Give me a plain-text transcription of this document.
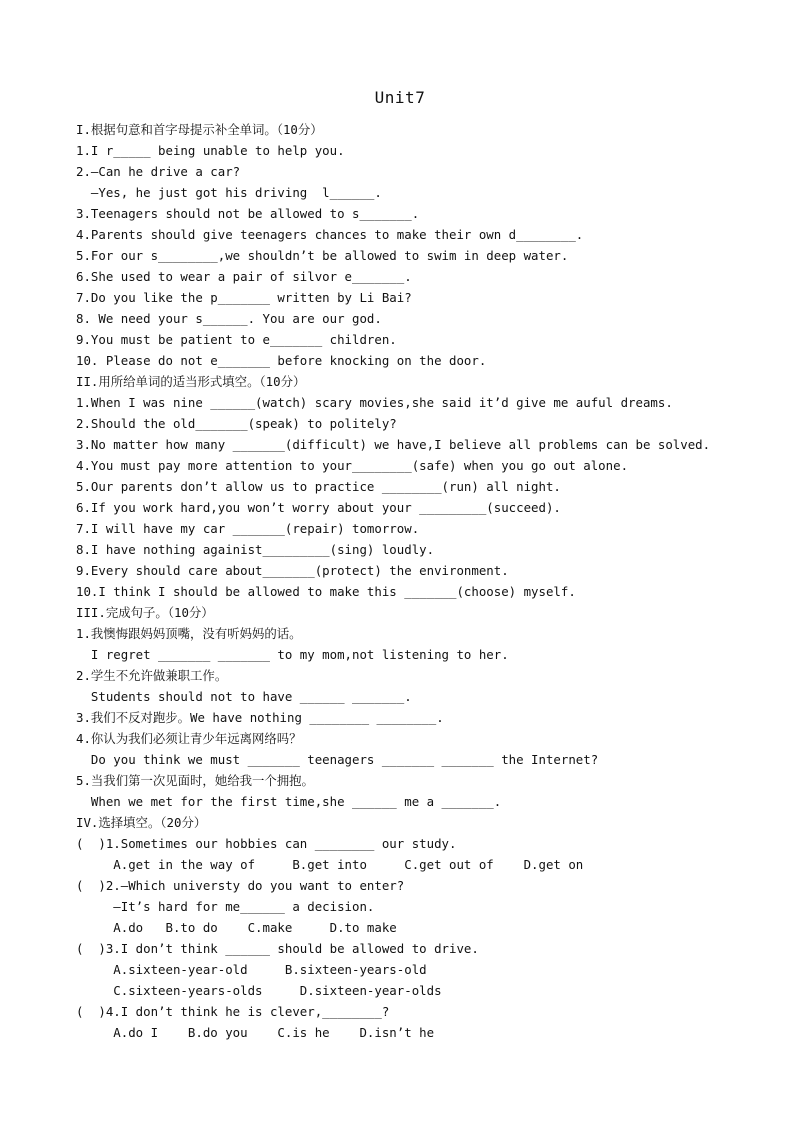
Unit7
I.根据句意和首字母提示补全单词。（10分）
1.I r_____ being unable to help you.
2.—Can he drive a car?
—Yes, he just got his driving  l______.
3.Teenagers should not be allowed to s_______.
4.Parents should give teenagers chances to make their own d________.
5.For our s________,we shouldn’t be allowed to swim in deep water.
6.She used to wear a pair of silvor e_______.
7.Do you like the p_______ written by Li Bai?
8. We need your s______. You are our god.
9.You must be patient to e_______ children.
10. Please do not e_______ before knocking on the door.
II.用所给单词的适当形式填空。（10分）
1.When I was nine ______(watch) scary movies,she said it’d give me auful dreams.
2.Should the old_______(speak) to politely?
3.No matter how many _______(difficult) we have,I believe all problems can be solved.
4.You must pay more attention to your________(safe) when you go out alone.
5.Our parents don’t allow us to practice ________(run) all night.
6.If you work hard,you won’t worry about your _________(succeed).
7.I will have my car _______(repair) tomorrow.
8.I have nothing againist_________(sing) loudly.
9.Every should care about_______(protect) the environment.
10.I think I should be allowed to make this _______(choose) myself.
III.完成句子。（10分）
1.我懊悔跟妈妈顶嘴，没有听妈妈的话。
I regret _______ _______ to my mom,not listening to her.
2.学生不允许做兼职工作。
Students should not to have ______ _______.
3.我们不反对跑步。We have nothing ________ ________.
4.你认为我们必须让青少年远离网络吗？
Do you think we must _______ teenagers _______ _______ the Internet?
5.当我们第一次见面时，她给我一个拥抱。
When we met for the first time,she ______ me a _______.
IV.选择填空。（20分）
(  )1.Sometimes our hobbies can ________ our study.
A.get in the way of     B.get into     C.get out of    D.get on
(  )2.—Which universty do you want to enter?
—It’s hard for me______ a decision.
A.do   B.to do    C.make     D.to make
(  )3.I don’t think ______ should be allowed to drive.
A.sixteen-year-old     B.sixteen-years-old
C.sixteen-years-olds     D.sixteen-year-olds
(  )4.I don’t think he is clever,________?
A.do I    B.do you    C.is he    D.isn’t he
